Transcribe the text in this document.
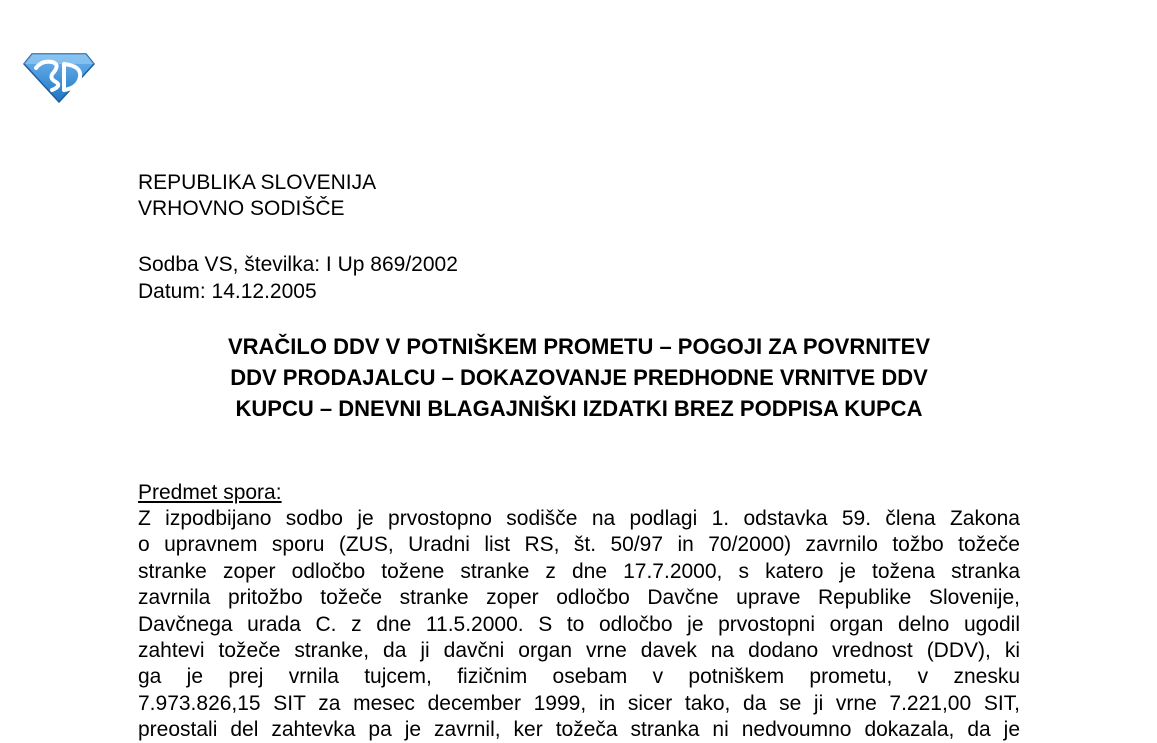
REPUBLIKA SLOVENIJA
VRHOVNO SODIŠČE
Sodba VS, številka: I Up 869/2002
Datum: 14.12.2005
VRAČILO DDV V POTNIŠKEM PROMETU – POGOJI ZA POVRNITEV
DDV PRODAJALCU – DOKAZOVANJE PREDHODNE VRNITVE DDV
KUPCU – DNEVNI BLAGAJNIŠKI IZDATKI BREZ PODPISA KUPCA
Predmet spora:
Z izpodbijano sodbo je prvostopno sodišče na podlagi 1. odstavka 59. člena Zakona
o upravnem sporu (ZUS, Uradni list RS, št. 50/97 in 70/2000) zavrnilo tožbo tožeče
stranke zoper odločbo tožene stranke z dne 17.7.2000, s katero je tožena stranka
zavrnila pritožbo tožeče stranke zoper odločbo Davčne uprave Republike Slovenije,
Davčnega urada C. z dne 11.5.2000. S to odločbo je prvostopni organ delno ugodil
zahtevi tožeče stranke, da ji davčni organ vrne davek na dodano vrednost (DDV), ki
ga je prej vrnila tujcem, fizičnim osebam v potniškem prometu, v znesku
7.973.826,15 SIT za mesec december 1999, in sicer tako, da se ji vrne 7.221,00 SIT,
preostali del zahtevka pa je zavrnil, ker tožeča stranka ni nedvoumno dokazala, da je
